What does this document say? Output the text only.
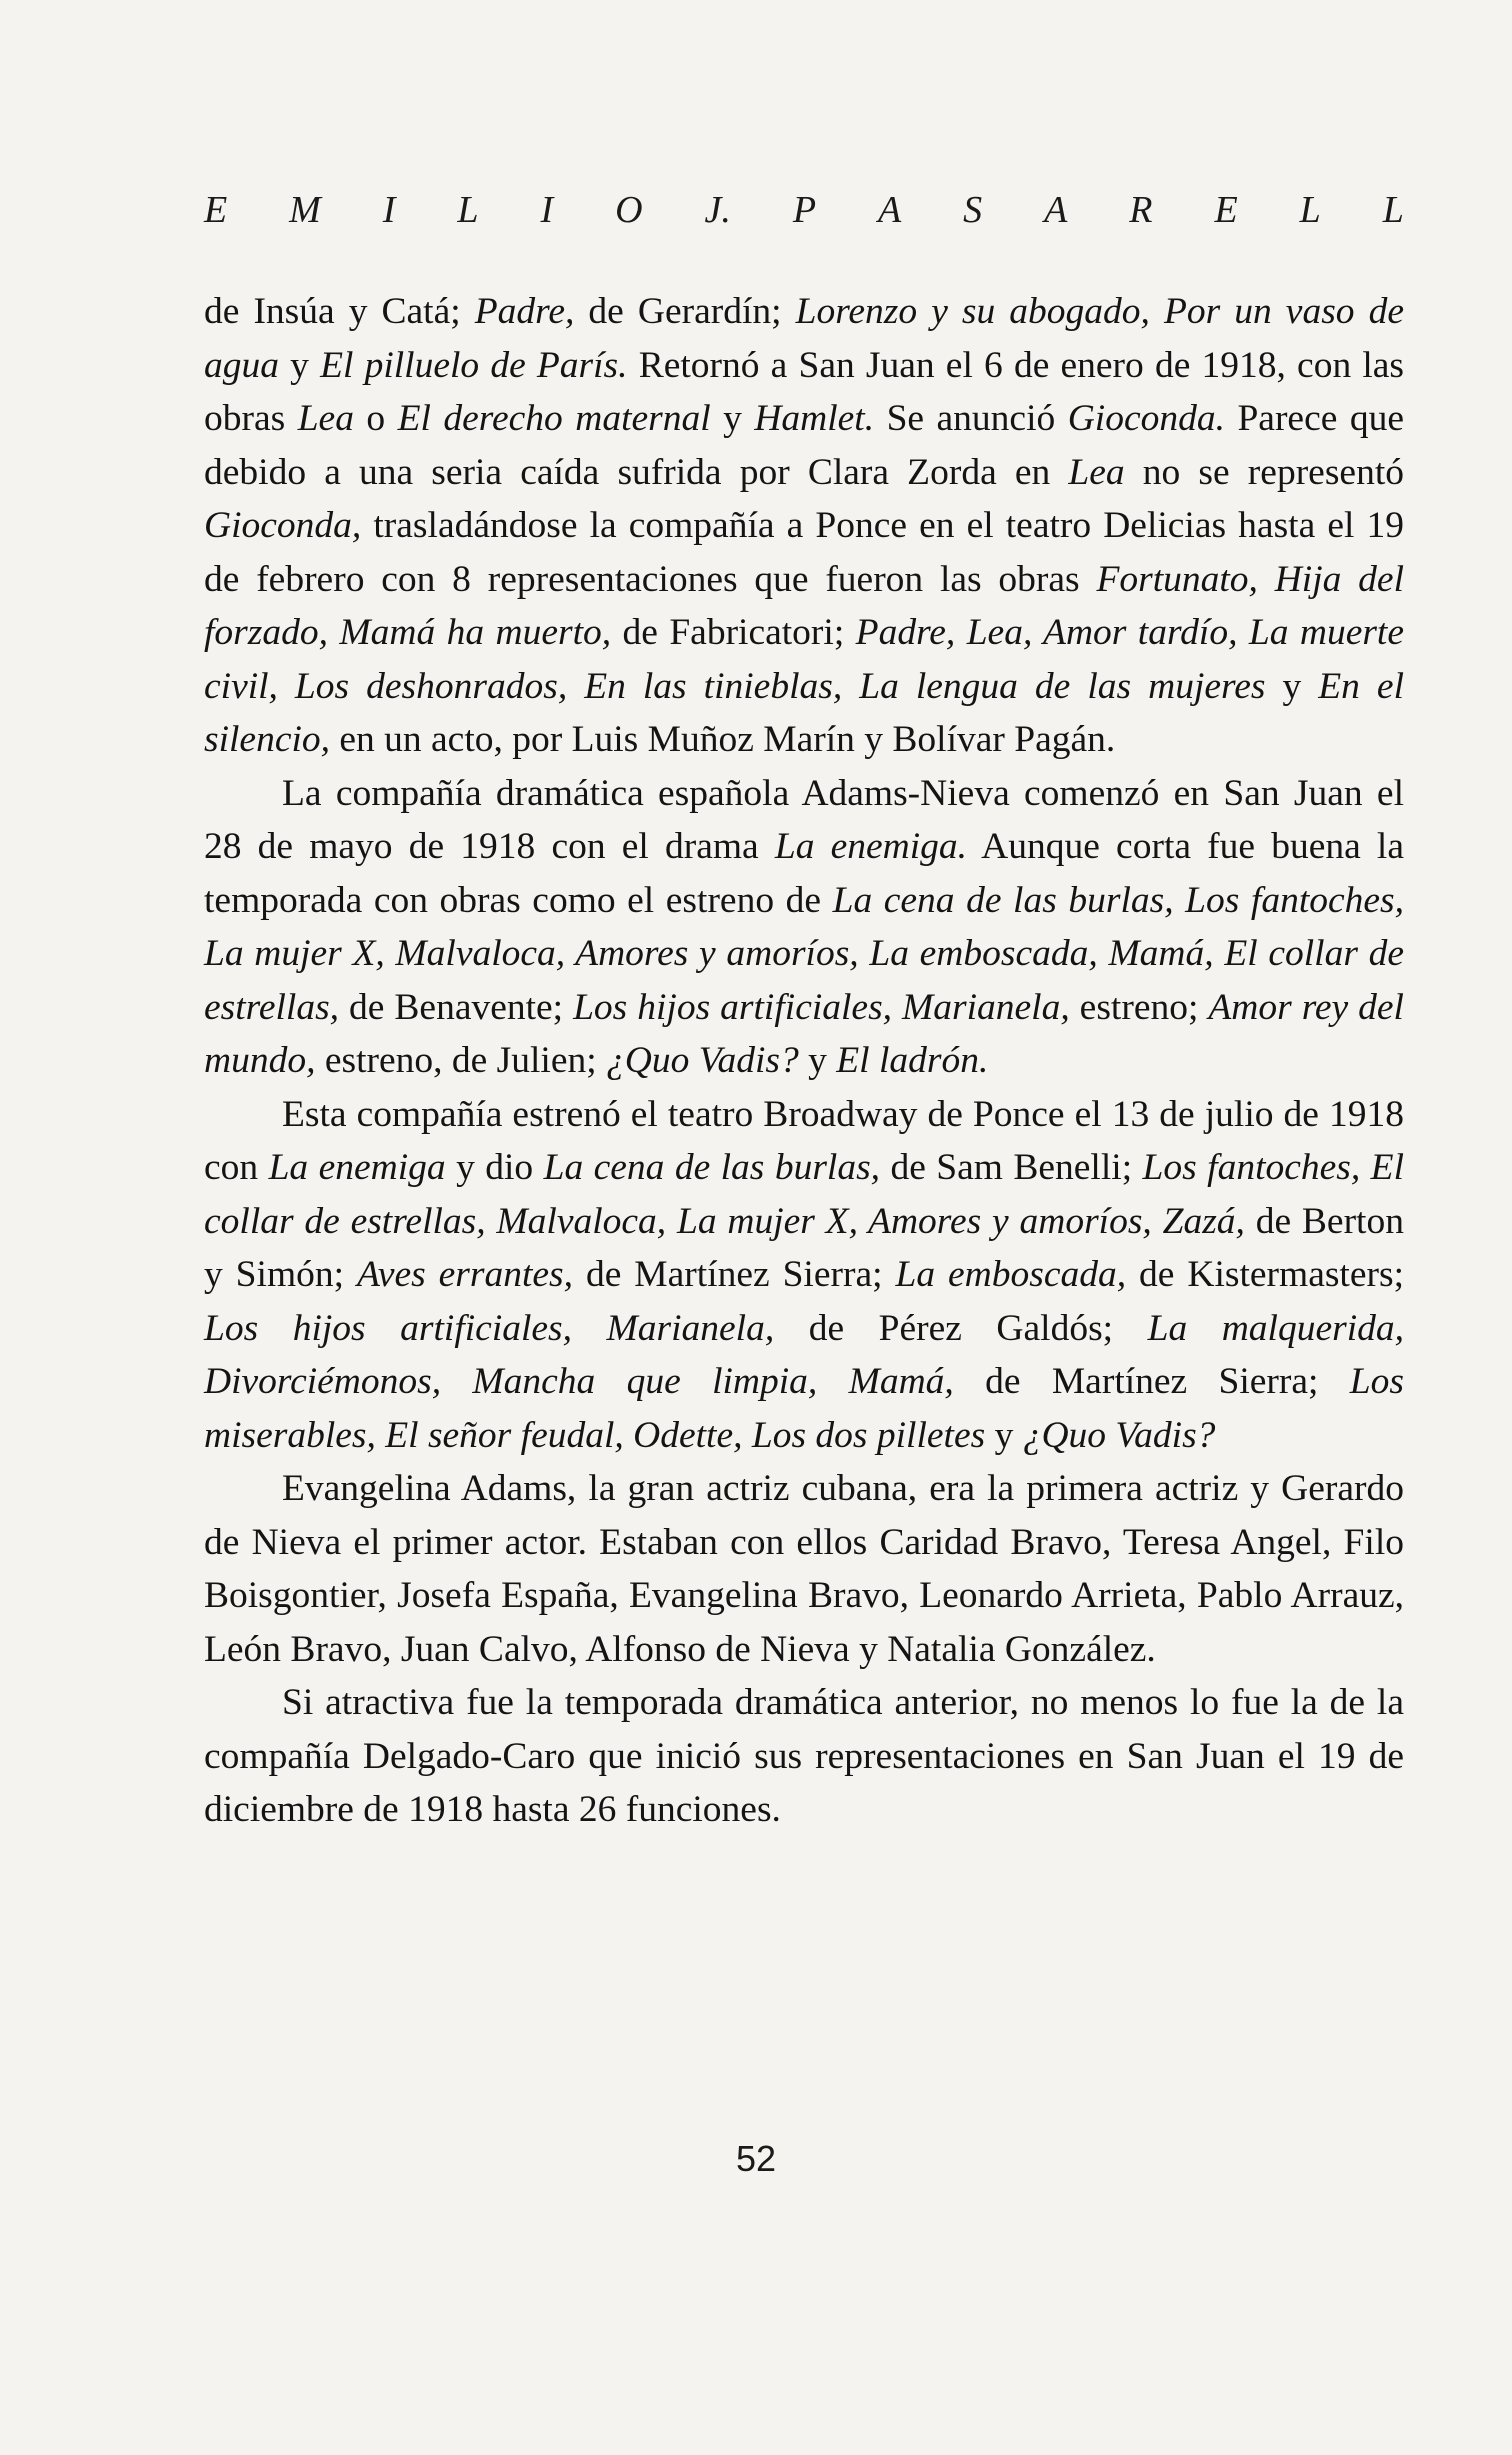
E M I L I O J. P A S A R E L L

de Insúa y Catá; Padre, de Gerardín; Lorenzo y su abogado, Por un vaso de agua y El pilluelo de París. Retornó a San Juan el 6 de enero de 1918, con las obras Lea o El derecho maternal y Hamlet. Se anunció Gioconda. Parece que debido a una seria caída sufrida por Clara Zorda en Lea no se representó Gioconda, trasladándose la compañía a Ponce en el teatro Delicias hasta el 19 de febrero con 8 representaciones que fueron las obras Fortunato, Hija del forzado, Mamá ha muerto, de Fabricatori; Padre, Lea, Amor tardío, La muerte civil, Los deshonrados, En las tinieblas, La lengua de las mujeres y En el silencio, en un acto, por Luis Muñoz Marín y Bolívar Pagán.

La compañía dramática española Adams-Nieva comenzó en San Juan el 28 de mayo de 1918 con el drama La enemiga. Aunque corta fue buena la temporada con obras como el estreno de La cena de las burlas, Los fantoches, La mujer X, Malvaloca, Amores y amoríos, La emboscada, Mamá, El collar de estrellas, de Benavente; Los hijos artificiales, Marianela, estreno; Amor rey del mundo, estreno, de Julien; ¿Quo Vadis? y El ladrón.

Esta compañía estrenó el teatro Broadway de Ponce el 13 de julio de 1918 con La enemiga y dio La cena de las burlas, de Sam Benelli; Los fantoches, El collar de estrellas, Malvaloca, La mujer X, Amores y amoríos, Zazá, de Berton y Simón; Aves errantes, de Martínez Sierra; La emboscada, de Kistermasters; Los hijos artificiales, Marianela, de Pérez Galdós; La malquerida, Divorciémonos, Mancha que limpia, Mamá, de Martínez Sierra; Los miserables, El señor feudal, Odette, Los dos pilletes y ¿Quo Vadis?

Evangelina Adams, la gran actriz cubana, era la primera actriz y Gerardo de Nieva el primer actor. Estaban con ellos Caridad Bravo, Teresa Angel, Filo Boisgontier, Josefa España, Evangelina Bravo, Leonardo Arrieta, Pablo Arrauz, León Bravo, Juan Calvo, Alfonso de Nieva y Natalia González.

Si atractiva fue la temporada dramática anterior, no menos lo fue la de la compañía Delgado-Caro que inició sus representaciones en San Juan el 19 de diciembre de 1918 hasta 26 funciones.

52
